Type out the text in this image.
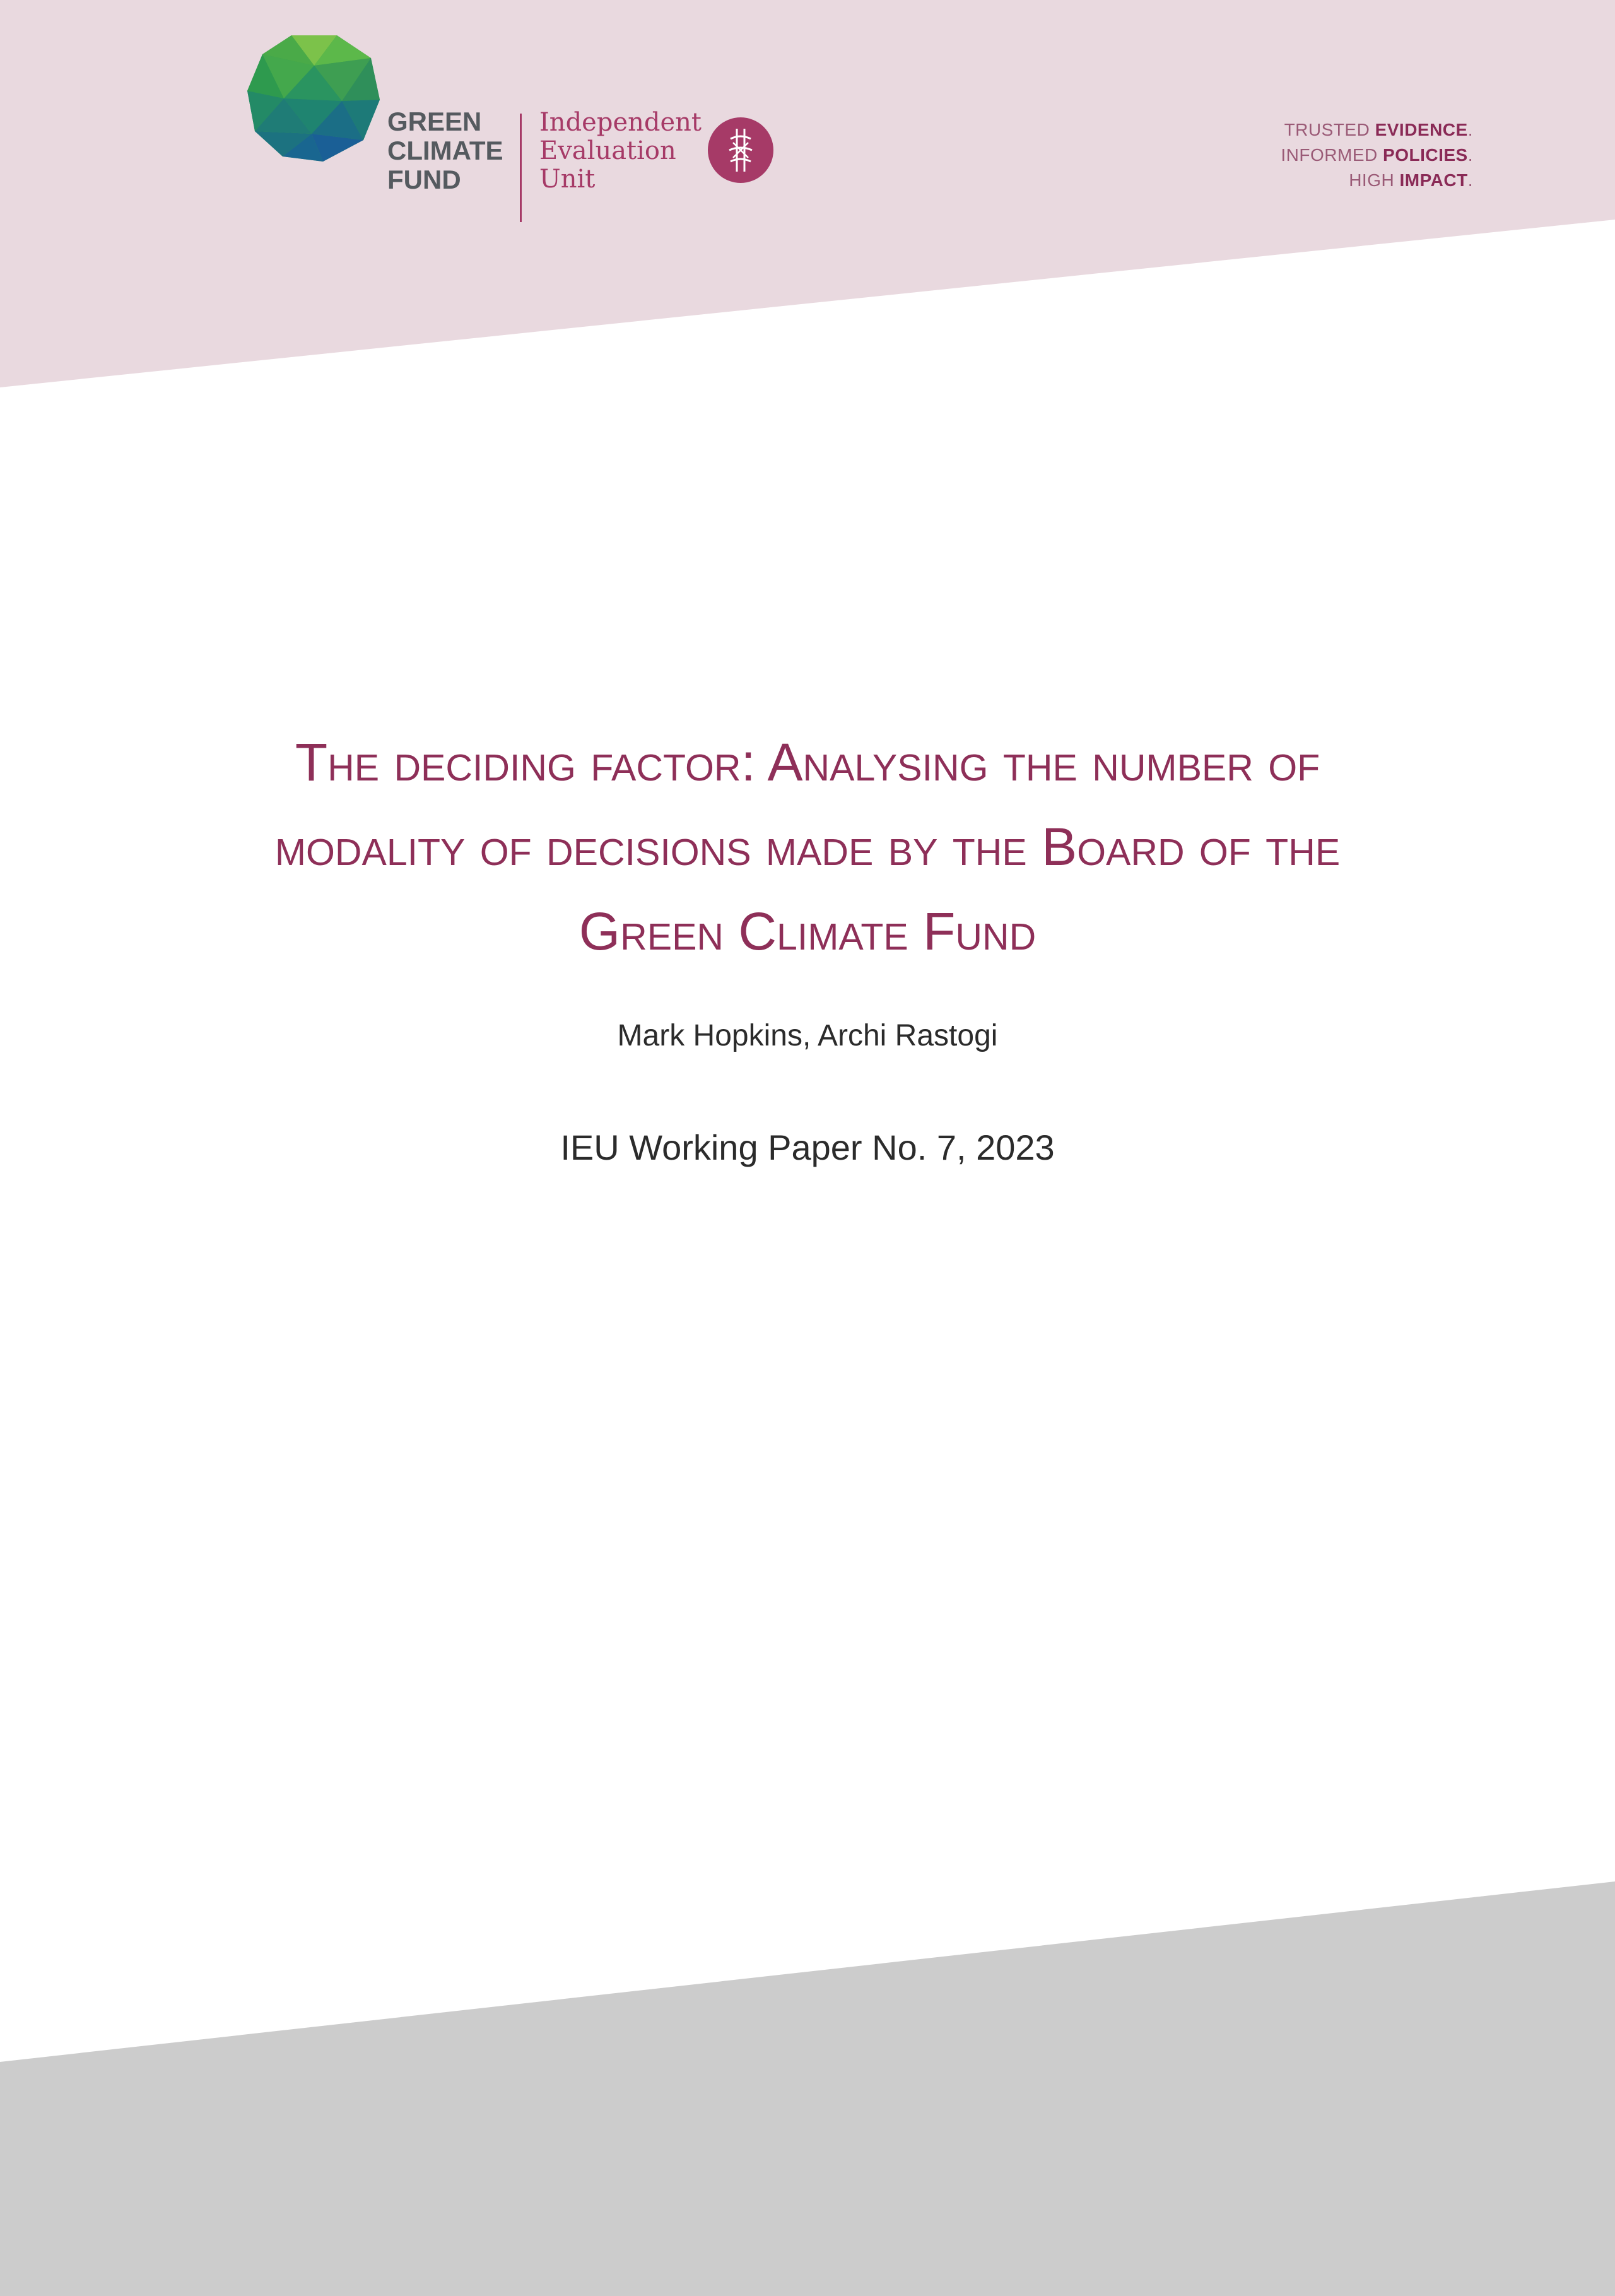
GREEN
CLIMATE
FUND
Independent
Evaluation
Unit
TRUSTED EVIDENCE.
INFORMED POLICIES.
HIGH IMPACT.
The deciding factor: Analysing the number of
modality of decisions made by the Board of the
Green Climate Fund
Mark Hopkins, Archi Rastogi
IEU Working Paper No. 7, 2023
